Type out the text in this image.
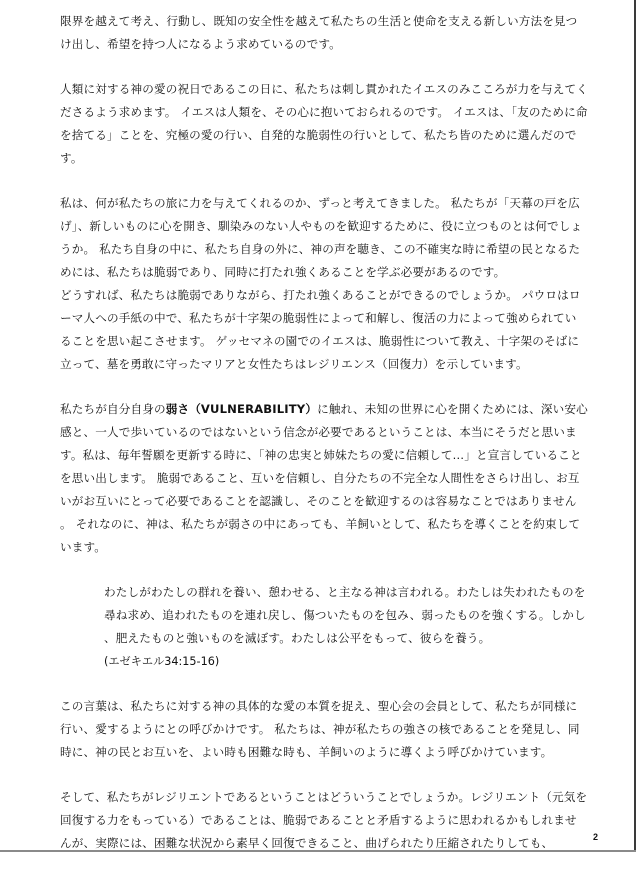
限界を越えて考え、行動し、既知の安全性を越えて私たちの生活と使命を支える新しい方法を見つけ出し、希望を持つ人になるよう求めているのです。

人類に対する神の愛の祝日であるこの日に、私たちは刺し貫かれたイエスのみこころが力を与えてくださるよう求めます。 イエスは人類を、その心に抱いておられるのです。 イエスは、「友のために命を捨てる」ことを、究極の愛の行い、自発的な脆弱性の行いとして、私たち皆のために選んだのです。

私は、何が私たちの旅に力を与えてくれるのか、ずっと考えてきました。 私たちが「天幕の戸を広げ」、新しいものに心を開き、馴染みのない人やものを歓迎するために、役に立つものとは何でしょうか。 私たち自身の中に、私たち自身の外に、神の声を聴き、この不確実な時に希望の民となるためには、私たちは脆弱であり、同時に打たれ強くあることを学ぶ必要があるのです。

どうすれば、私たちは脆弱でありながら、打たれ強くあることができるのでしょうか。 パウロはローマ人への手紙の中で、私たちが十字架の脆弱性によって和解し、復活の力によって強められていることを思い起こさせます。 ゲッセマネの園でのイエスは、脆弱性について教え、十字架のそばに立って、墓を勇敢に守ったマリアと女性たちはレジリエンス（回復力）を示しています。

私たちが自分自身の弱さ（VULNERABILITY）に触れ、未知の世界に心を開くためには、深い安心感と、一人で歩いているのではないという信念が必要であるということは、本当にそうだと思います。私は、毎年誓願を更新する時に、「神の忠実と姉妹たちの愛に信頼して…」と宣言していることを思い出します。 脆弱であること、互いを信頼し、自分たちの不完全な人間性をさらけ出し、お互いがお互いにとって必要であることを認識し、そのことを歓迎するのは容易なことではありません。 それなのに、神は、私たちが弱さの中にあっても、羊飼いとして、私たちを導くことを約束しています。

わたしがわたしの群れを養い、憩わせる、と主なる神は言われる。わたしは失われたものを尋ね求め、追われたものを連れ戻し、傷ついたものを包み、弱ったものを強くする。しかし、肥えたものと強いものを滅ぼす。わたしは公平をもって、彼らを養う。

(エゼキエル34:15-16)

この言葉は、私たちに対する神の具体的な愛の本質を捉え、聖心会の会員として、私たちが同様に行い、愛するようにとの呼びかけです。 私たちは、神が私たちの強さの核であることを発見し、同時に、神の民とお互いを、よい時も困難な時も、羊飼いのように導くよう呼びかけています。

そして、私たちがレジリエントであるということはどういうことでしょうか。レジリエント（元気を回復する力をもっている）であることは、脆弱であることと矛盾するように思われるかもしれませんが、実際には、困難な状況から素早く回復できること、曲げられたり圧縮されたりしても、	2
